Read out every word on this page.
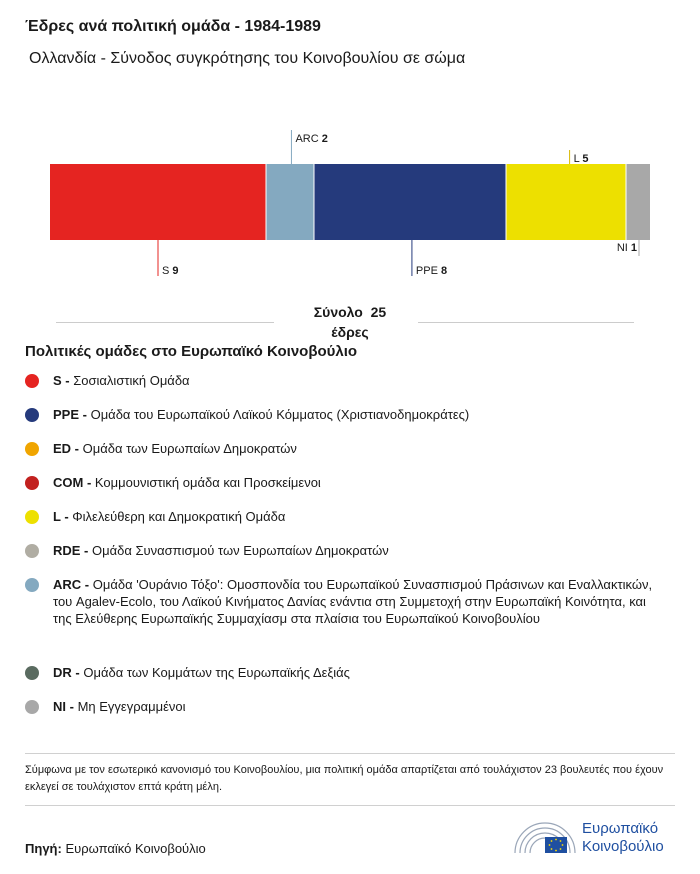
Έδρες ανά πολιτική ομάδα - 1984-1989
Ολλανδία - Σύνοδος συγκρότησης του Κοινοβουλίου σε σώμα
S 9
ARC 2
PPE 8
L 5
NI 1
Σύνολο 25
έδρες
Πολιτικές ομάδες στο Ευρωπαϊκό Κοινοβούλιο
S - Σοσιαλιστική Ομάδα
PPE - Ομάδα του Ευρωπαϊκού Λαϊκού Κόμματος (Χριστιανοδημοκράτες)
ED - Ομάδα των Ευρωπαίων Δημοκρατών
COM - Κομμουνιστική ομάδα και Προσκείμενοι
L - Φιλελεύθερη και Δημοκρατική Ομάδα
RDE - Ομάδα Συνασπισμού των Ευρωπαίων Δημοκρατών
ARC - Ομάδα 'Ουράνιο Τόξο': Ομοσπονδία του Ευρωπαϊκού Συνασπισμού Πράσινων και Εναλλακτικών, του Agalev-Ecolo, του Λαϊκού Κινήματος Δανίας ενάντια στη Συμμετοχή στην Ευρωπαϊκή Κοινότητα, και της Ελεύθερης Ευρωπαϊκής Συμμαχίασμ στα πλαίσια του Ευρωπαϊκού Κοινοβουλίου
DR - Ομάδα των Κομμάτων της Ευρωπαϊκής Δεξιάς
NI - Μη Εγγεγραμμένοι

Σύμφωνα με τον εσωτερικό κανονισμό του Κοινοβουλίου, μια πολιτική ομάδα απαρτίζεται από τουλάχιστον 23 βουλευτές που έχουν εκλεγεί σε τουλάχιστον επτά κράτη μέλη.

Πηγή: Ευρωπαϊκό Κοινοβούλιο
Ευρωπαϊκό
Κοινοβούλιο
